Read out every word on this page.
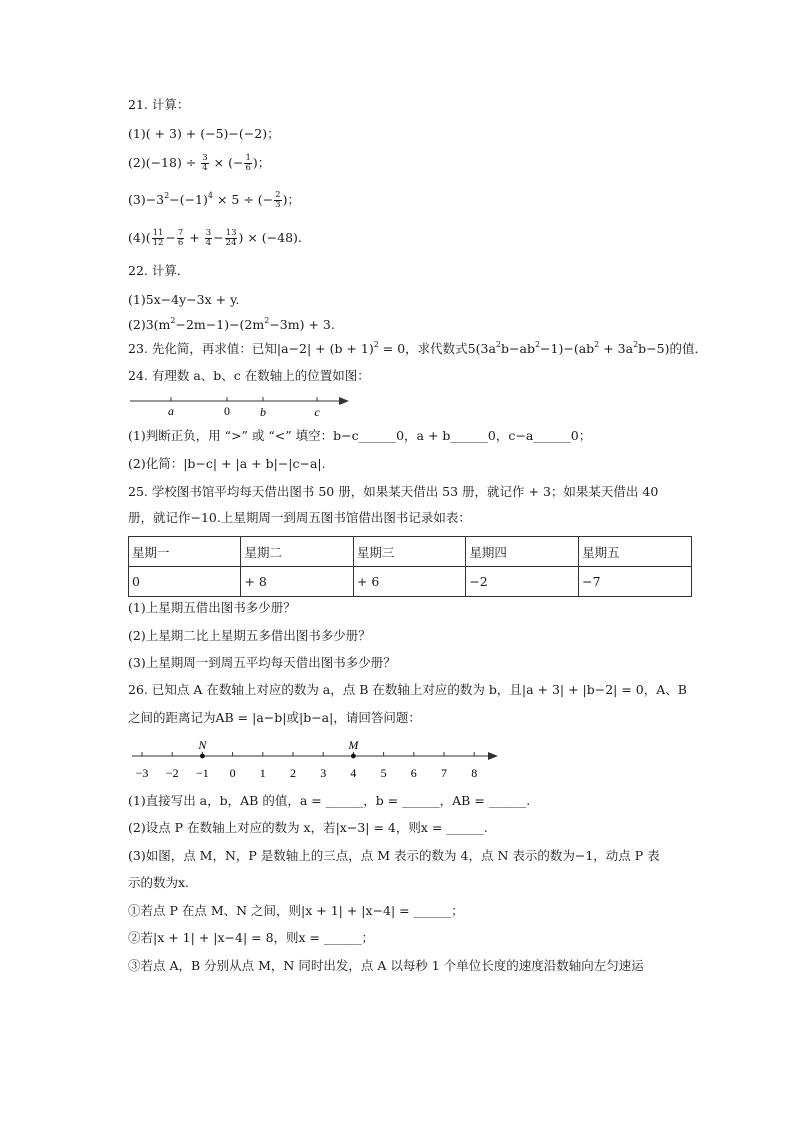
21. 计算：
(1)( + 3) + (−5)−(−2)；
$(2)(-18) \div \frac{3}{4}$ × (− $\frac{1}{6}$ )；
$(3)-3^2-(-1)^4 \times 5$ ÷ (− $\frac{2}{3}$ )；
$(4)( \frac{11}{12} - \frac{7}{6} + \frac{3}{4} - \frac{13}{24}$ ) × (−48).
22. 计算．
(1)5x−4y−3x + y.
$(2)3(m^2-2m-1)-(2m^2-3m) + 3$.
23. 先化简，再求值：已知$|a-2| + (b + 1)^2 = 0$，求代数式$5(3a^2b-ab^2-1)-(ab^2 + 3a^2b-5)$的值．
24. 有理数 a、b、c 在数轴上的位置如图：
a	0	b	c
(1)判断正负，用 “>” 或 “<” 填空：b−c______0，a + b______0，c−a______0；
(2)化简：|b−c| + |a + b|−|c−a|.
25. 学校图书馆平均每天借出图书 50 册，如果某天借出 53 册，就记作 + 3；如果某天借出 40
册，就记作−10.上星期周一到周五图书馆借出图书记录如表：
星期一	星期二	星期三	星期四	星期五
0	+ 8	+ 6	−2	−7
(1)上星期五借出图书多少册？
(2)上星期二比上星期五多借出图书多少册？
(3)上星期周一到周五平均每天借出图书多少册？
26. 已知点 A 在数轴上对应的数为 a，点 B 在数轴上对应的数为 b，且|a + 3| + |b−2| = 0，A、B
之间的距离记为AB = |a−b|或|b−a|，请回答问题：
−3 −2 −1 0 1 2 3 4 5 6 7 8
N	M
(1)直接写出 a，b，AB 的值，a = ______，b = ______，AB = ______.
(2)设点 P 在数轴上对应的数为 x，若|x−3| = 4，则x = ______.
(3)如图，点 M，N，P 是数轴上的三点，点 M 表示的数为 4，点 N 表示的数为−1，动点 P 表
示的数为x.
①若点 P 在点 M、N 之间，则|x + 1| + |x−4| = ______；
②若|x + 1| + |x−4| = 8，则x = ______；
③若点 A，B 分别从点 M，N 同时出发，点 A 以每秒 1 个单位长度的速度沿数轴向左匀速运
